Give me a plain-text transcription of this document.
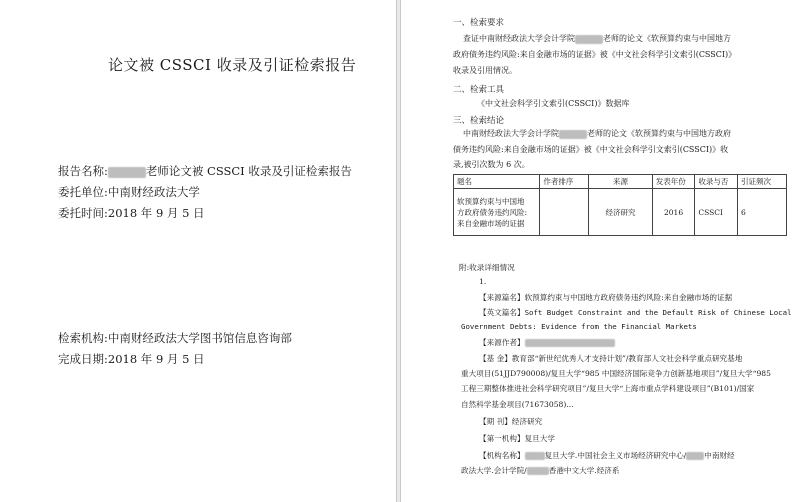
论文被 CSSCI 收录及引证检索报告
报告名称:	老师论文被 CSSCI 收录及引证检索报告
委托单位:中南财经政法大学
委托时间:2018 年 9 月 5 日
检索机构:中南财经政法大学图书馆信息咨询部
完成日期:2018 年 9 月 5 日
一、检索要求
查证中南财经政法大学会计学院	老师的论文《软预算约束与中国地方
政府债务违约风险:来自金融市场的证据》被《中文社会科学引文索引(CSSCI)》
收录及引用情况。
二、检索工具
《中文社会科学引文索引(CSSCI)》数据库
三、检索结论
中南财经政法大学会计学院	老师的论文《软预算约束与中国地方政府
债务违约风险:来自金融市场的证据》被《中文社会科学引文索引(CSSCI)》收
录,被引次数为 6 次。
题名	作者排序	来源	发表年份	收录与否	引证频次

软预算约束与中国地
方政府债务违约风险:
来自金融市场的证据		经济研究	2016	CSSCI	6
附:收录详细情况
1.
【来源篇名】软预算约束与中国地方政府债务违约风险:来自金融市场的证据
【英文篇名】Soft Budget Constraint and the Default Risk of Chinese Local
Government Debts: Evidence from the Financial Markets
【来源作者】
【基 金】教育部“新世纪优秀人才支持计划”/教育部人文社会科学重点研究基地
重大项目(51JJD790008)/复旦大学“985 中国经济国际竞争力创新基地项目”/复旦大学“985
工程三期整体推进社会科学研究项目”/复旦大学“上海市重点学科建设项目”(B101)/国家
自然科学基金项目(71673058)...
【期 刊】经济研究
【第一机构】复旦大学
【机构名称】	复旦大学.中国社会主义市场经济研究中心/ 中南财经
政法大学.会计学院/	香港中文大学.经济系
